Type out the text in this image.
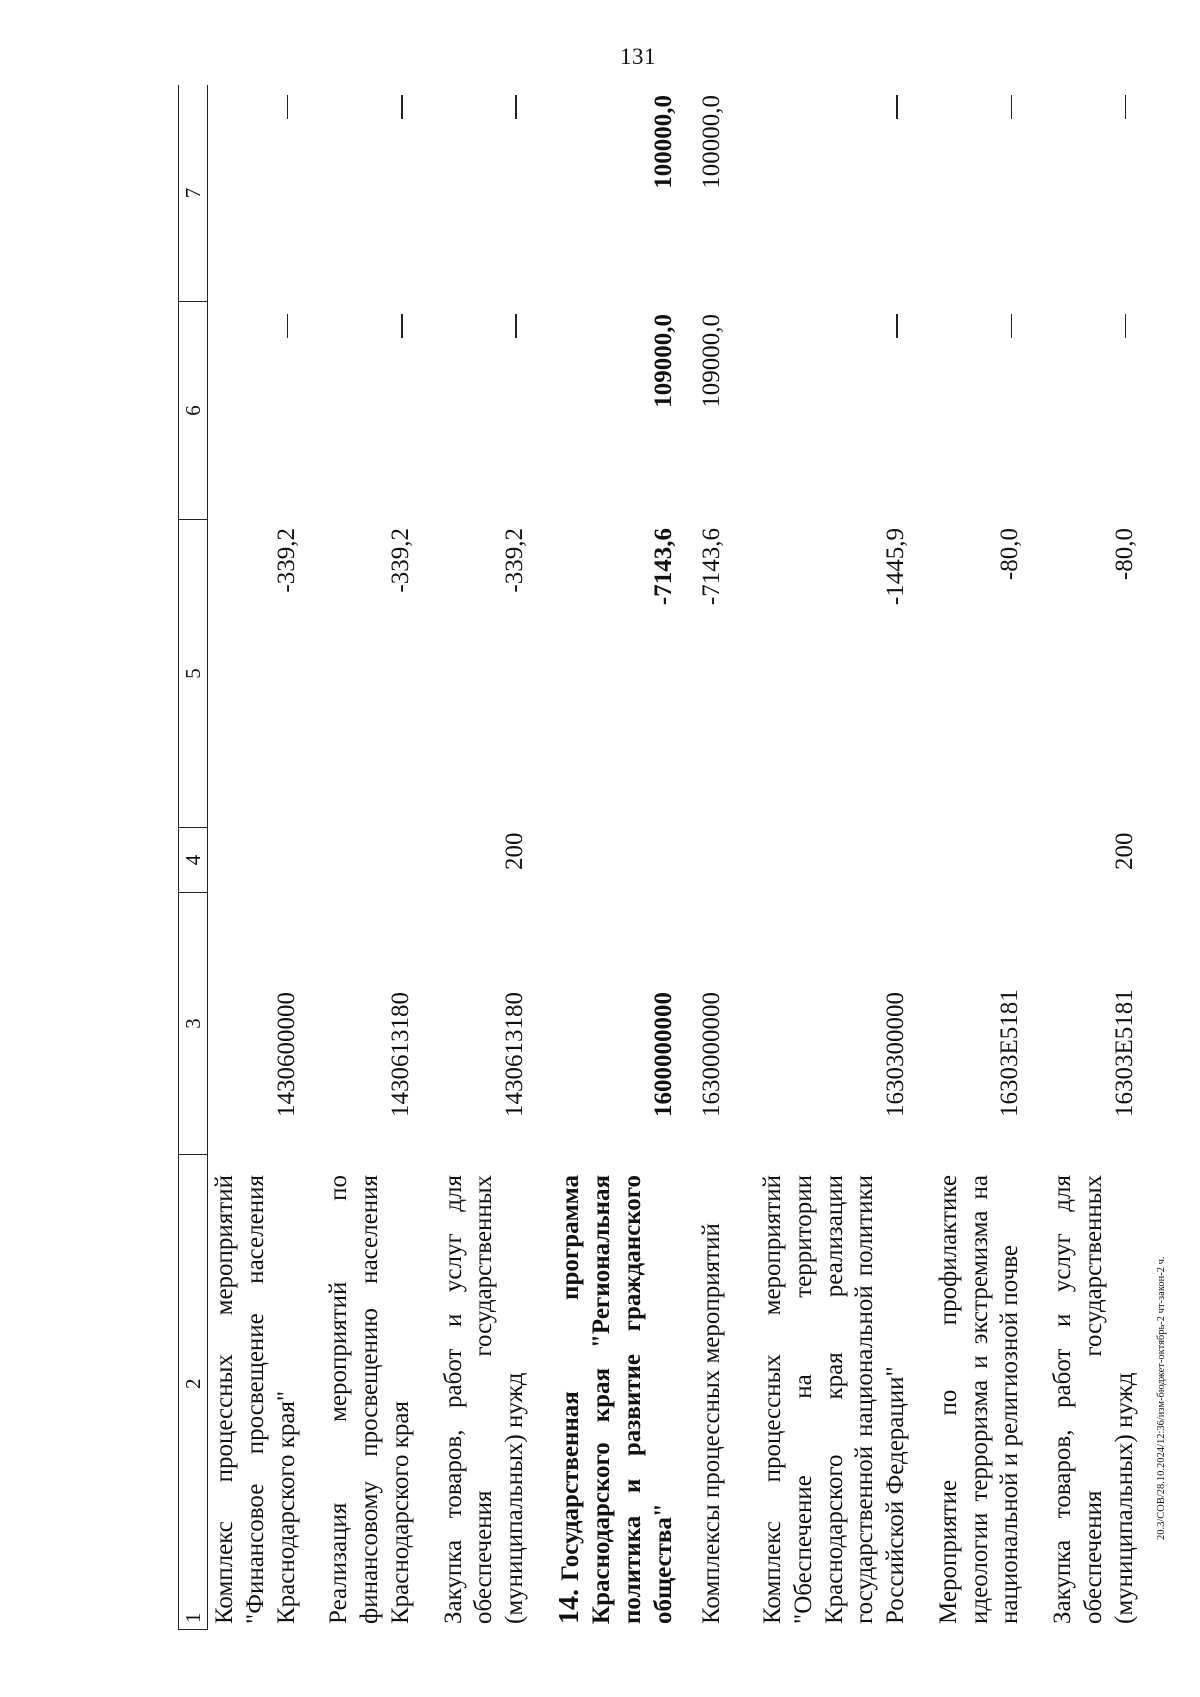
131
20.3/СОВ/28.10.2024/12:36/изм-бюджет-октябрь-2 чт-закон-2 ч.
1 2
3
4
5
6
7
Комплекс процессных мероприятий "Финансовое просвещение населения Краснодарского края"
1430600000
-339,2
Реализация мероприятий по финансовому просвещению населения Краснодарского края
1430613180
-339,2
Закупка товаров, работ и услуг для обеспечения государственных (муниципальных) нужд
1430613180
200
-339,2
14.Государственная программа Краснодарского края "Региональная политика и развитие гражданского общества"
1600000000
-7143,6
109000,0
100000,0
Комплексы процессных мероприятий
1630000000
-7143,6
109000,0
100000,0
Комплекс процессных мероприятий "Обеспечение на территории Краснодарского края реализации государственной национальной политики Российской Федерации"
1630300000
-1445,9
Мероприятие по профилактике идеологии терроризма и экстремизма на национальной и религиозной почве
16303Е5181
-80,0
Закупка товаров, работ и услуг для обеспечения государственных (муниципальных) нужд
16303Е5181
200
-80,0
